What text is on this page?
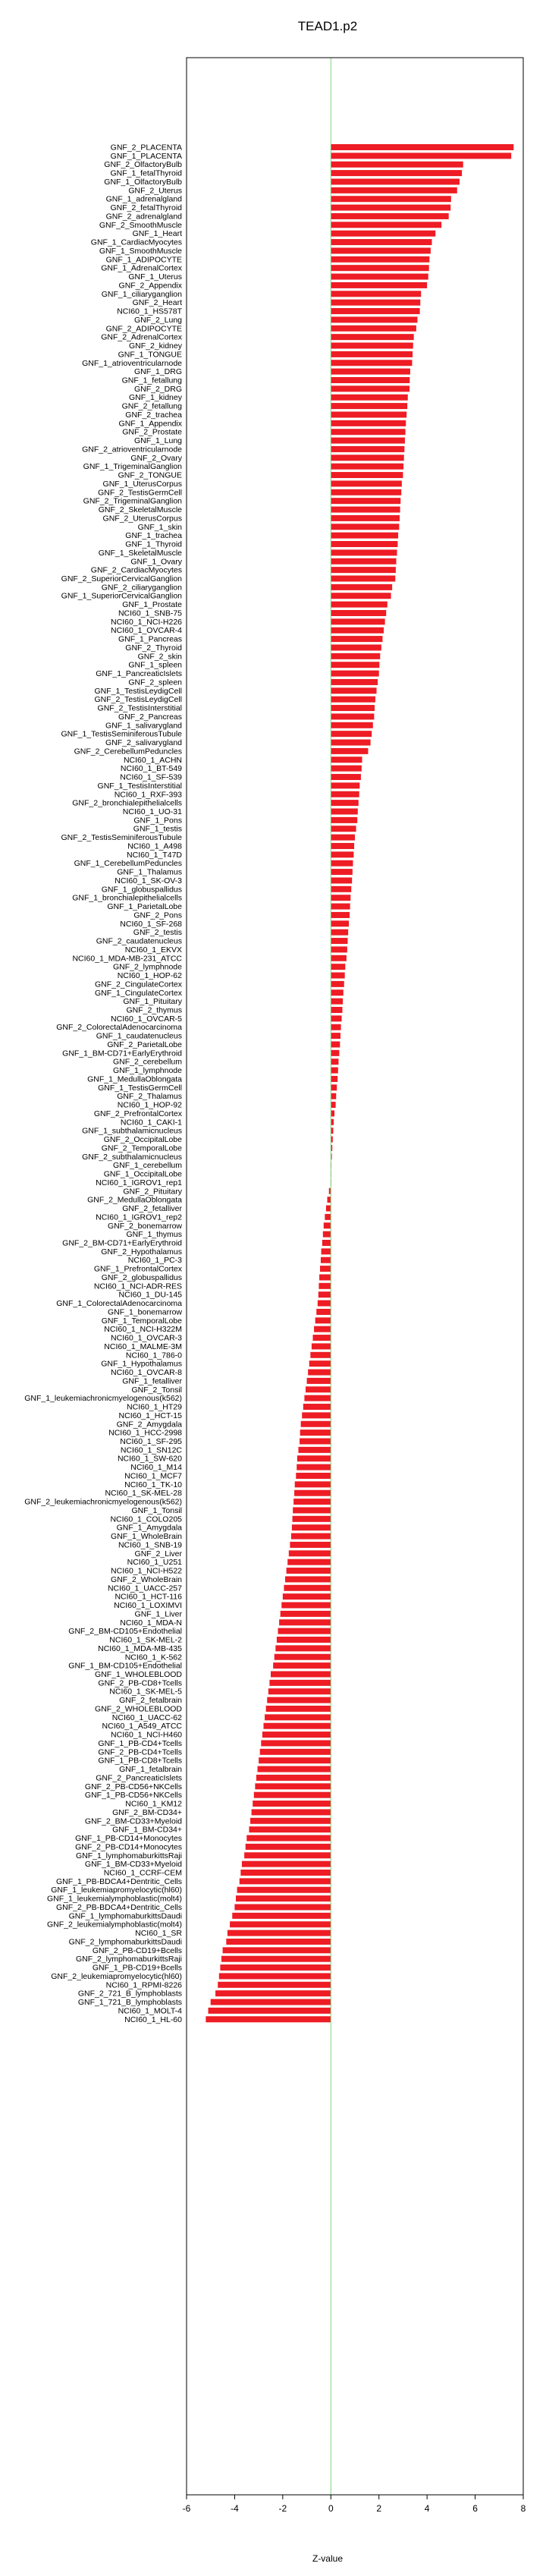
TEAD1.p2
GNF_2_PLACENTA
GNF_1_PLACENTA
GNF_2_OlfactoryBulb
GNF_1_fetalThyroid
GNF_1_OlfactoryBulb
GNF_2_Uterus
GNF_1_adrenalgland
GNF_2_fetalThyroid
GNF_2_adrenalgland
GNF_2_SmoothMuscle
GNF_1_Heart
GNF_1_CardiacMyocytes
GNF_1_SmoothMuscle
GNF_1_ADIPOCYTE
GNF_1_AdrenalCortex
GNF_1_Uterus
GNF_2_Appendix
GNF_1_ciliaryganglion
GNF_2_Heart
NCI60_1_HS578T
GNF_2_Lung
GNF_2_ADIPOCYTE
GNF_2_AdrenalCortex
GNF_2_kidney
GNF_1_TONGUE
GNF_1_atrioventricularnode
GNF_1_DRG
GNF_1_fetallung
GNF_2_DRG
GNF_1_kidney
GNF_2_fetallung
GNF_2_trachea
GNF_1_Appendix
GNF_2_Prostate
GNF_1_Lung
GNF_2_atrioventricularnode
GNF_2_Ovary
GNF_1_TrigeminalGanglion
GNF_2_TONGUE
GNF_1_UterusCorpus
GNF_2_TestisGermCell
GNF_2_TrigeminalGanglion
GNF_2_SkeletalMuscle
GNF_2_UterusCorpus
GNF_1_skin
GNF_1_trachea
GNF_1_Thyroid
GNF_1_SkeletalMuscle
GNF_1_Ovary
GNF_2_CardiacMyocytes
GNF_2_SuperiorCervicalGanglion
GNF_2_ciliaryganglion
GNF_1_SuperiorCervicalGanglion
GNF_1_Prostate
NCI60_1_SNB-75
NCI60_1_NCI-H226
NCI60_1_OVCAR-4
GNF_1_Pancreas
GNF_2_Thyroid
GNF_2_skin
GNF_1_spleen
GNF_1_PancreaticIslets
GNF_2_spleen
GNF_1_TestisLeydigCell
GNF_2_TestisLeydigCell
GNF_2_TestisInterstitial
GNF_2_Pancreas
GNF_1_salivarygland
GNF_1_TestisSeminiferousTubule
GNF_2_salivarygland
GNF_2_CerebellumPeduncles
NCI60_1_ACHN
NCI60_1_BT-549
NCI60_1_SF-539
GNF_1_TestisInterstitial
NCI60_1_RXF-393
GNF_2_bronchialepithelialcells
NCI60_1_UO-31
GNF_1_Pons
GNF_1_testis
GNF_2_TestisSeminiferousTubule
NCI60_1_A498
NCI60_1_T47D
GNF_1_CerebellumPeduncles
GNF_1_Thalamus
NCI60_1_SK-OV-3
GNF_1_globuspallidus
GNF_1_bronchialepithelialcells
GNF_1_ParietalLobe
GNF_2_Pons
NCI60_1_SF-268
GNF_2_testis
GNF_2_caudatenucleus
NCI60_1_EKVX
NCI60_1_MDA-MB-231_ATCC
GNF_2_lymphnode
NCI60_1_HOP-62
GNF_2_CingulateCortex
GNF_1_CingulateCortex
GNF_1_Pituitary
GNF_2_thymus
NCI60_1_OVCAR-5
GNF_2_ColorectalAdenocarcinoma
GNF_1_caudatenucleus
GNF_2_ParietalLobe
GNF_1_BM-CD71+EarlyErythroid
GNF_2_cerebellum
GNF_1_lymphnode
GNF_1_MedullaOblongata
GNF_1_TestisGermCell
GNF_2_Thalamus
NCI60_1_HOP-92
GNF_2_PrefrontalCortex
NCI60_1_CAKI-1
GNF_1_subthalamicnucleus
GNF_2_OccipitalLobe
GNF_2_TemporalLobe
GNF_2_subthalamicnucleus
GNF_1_cerebellum
GNF_1_OccipitalLobe
NCI60_1_IGROV1_rep1
GNF_2_Pituitary
GNF_2_MedullaOblongata
GNF_2_fetalliver
NCI60_1_IGROV1_rep2
GNF_2_bonemarrow
GNF_1_thymus
GNF_2_BM-CD71+EarlyErythroid
GNF_2_Hypothalamus
NCI60_1_PC-3
GNF_1_PrefrontalCortex
GNF_2_globuspallidus
NCI60_1_NCI-ADR-RES
NCI60_1_DU-145
GNF_1_ColorectalAdenocarcinoma
GNF_1_bonemarrow
GNF_1_TemporalLobe
NCI60_1_NCI-H322M
NCI60_1_OVCAR-3
NCI60_1_MALME-3M
NCI60_1_786-0
GNF_1_Hypothalamus
NCI60_1_OVCAR-8
GNF_1_fetalliver
GNF_2_Tonsil
GNF_1_leukemiachronicmyelogenous(k562)
NCI60_1_HT29
NCI60_1_HCT-15
GNF_2_Amygdala
NCI60_1_HCC-2998
NCI60_1_SF-295
NCI60_1_SN12C
NCI60_1_SW-620
NCI60_1_M14
NCI60_1_MCF7
NCI60_1_TK-10
NCI60_1_SK-MEL-28
GNF_2_leukemiachronicmyelogenous(k562)
GNF_1_Tonsil
NCI60_1_COLO205
GNF_1_Amygdala
GNF_1_WholeBrain
NCI60_1_SNB-19
GNF_2_Liver
NCI60_1_U251
NCI60_1_NCI-H522
GNF_2_WholeBrain
NCI60_1_UACC-257
NCI60_1_HCT-116
NCI60_1_LOXIMVI
GNF_1_Liver
NCI60_1_MDA-N
GNF_2_BM-CD105+Endothelial
NCI60_1_SK-MEL-2
NCI60_1_MDA-MB-435
NCI60_1_K-562
GNF_1_BM-CD105+Endothelial
GNF_1_WHOLEBLOOD
GNF_2_PB-CD8+Tcells
NCI60_1_SK-MEL-5
GNF_2_fetalbrain
GNF_2_WHOLEBLOOD
NCI60_1_UACC-62
NCI60_1_A549_ATCC
NCI60_1_NCI-H460
GNF_1_PB-CD4+Tcells
GNF_2_PB-CD4+Tcells
GNF_1_PB-CD8+Tcells
GNF_1_fetalbrain
GNF_2_PancreaticIslets
GNF_2_PB-CD56+NKCells
GNF_1_PB-CD56+NKCells
NCI60_1_KM12
GNF_2_BM-CD34+
GNF_2_BM-CD33+Myeloid
GNF_1_BM-CD34+
GNF_1_PB-CD14+Monocytes
GNF_2_PB-CD14+Monocytes
GNF_1_lymphomaburkittsRaji
GNF_1_BM-CD33+Myeloid
NCI60_1_CCRF-CEM
GNF_1_PB-BDCA4+Dentritic_Cells
GNF_1_leukemiapromyelocytic(hl60)
GNF_1_leukemialymphoblastic(molt4)
GNF_2_PB-BDCA4+Dentritic_Cells
GNF_1_lymphomaburkittsDaudi
GNF_2_leukemialymphoblastic(molt4)
NCI60_1_SR
GNF_2_lymphomaburkittsDaudi
GNF_2_PB-CD19+Bcells
GNF_2_lymphomaburkittsRaji
GNF_1_PB-CD19+Bcells
GNF_2_leukemiapromyelocytic(hl60)
NCI60_1_RPMI-8226
GNF_2_721_B_lymphoblasts
GNF_1_721_B_lymphoblasts
NCI60_1_MOLT-4
NCI60_1_HL-60
-6	-4	-2	0	2	4	6	8
Z-value
